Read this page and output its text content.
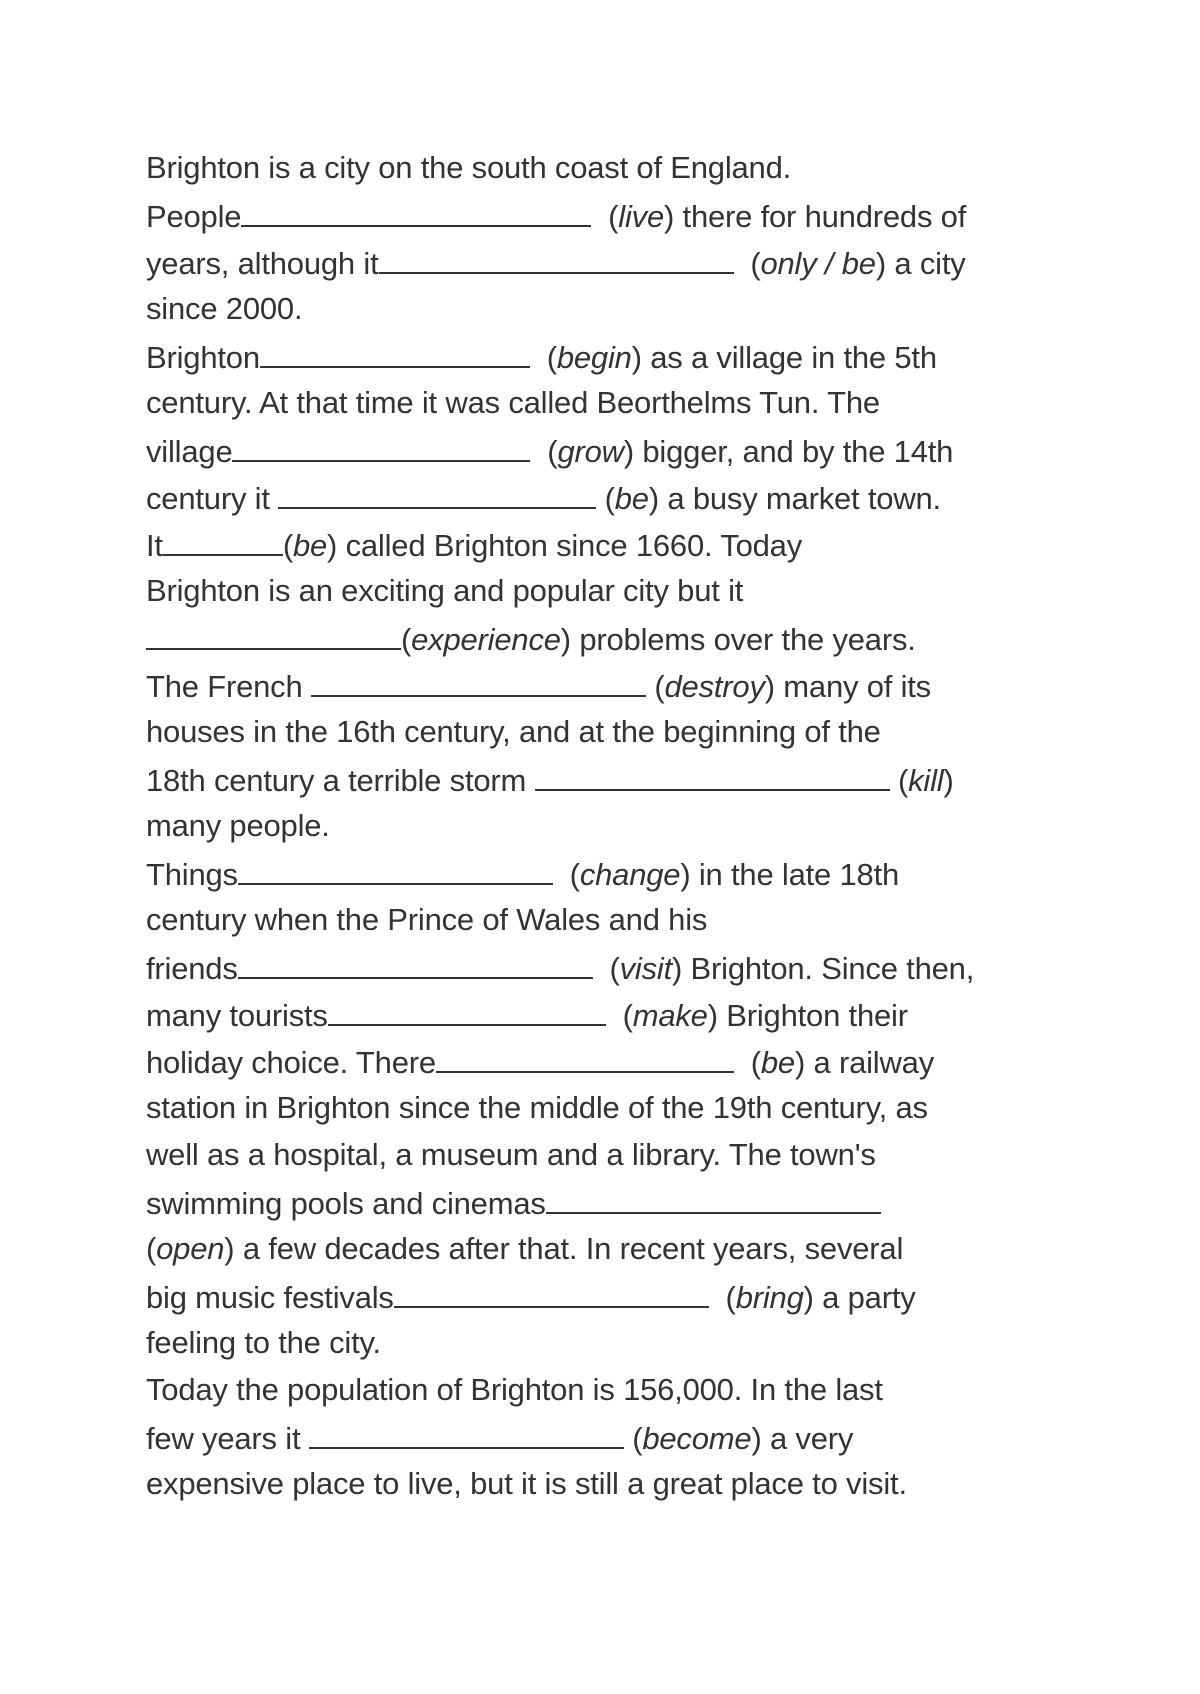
Brighton is a city on the south coast of England.
People	(live) there for hundreds of
years, although it	(only / be) a city
since 2000.
Brighton	(begin) as a village in the 5th
century. At that time it was called Beorthelms Tun. The
village	(grow) bigger, and by the 14th
century it	(be) a busy market town.
It	(be) called Brighton since 1660. Today
Brighton is an exciting and popular city but it
(experience) problems over the years.
The French	(destroy) many of its
houses in the 16th century, and at the beginning of the
18th century a terrible storm	(kill)
many people.
Things	(change) in the late 18th
century when the Prince of Wales and his
friends	(visit) Brighton. Since then,
many tourists	(make) Brighton their
holiday choice. There	(be) a railway
station in Brighton since the middle of the 19th century, as
well as a hospital, a museum and a library. The town's
swimming pools and cinemas
(open) a few decades after that. In recent years, several
big music festivals	(bring) a party
feeling to the city.
Today the population of Brighton is 156,000. In the last
few years it	(become) a very
expensive place to live, but it is still a great place to visit.
